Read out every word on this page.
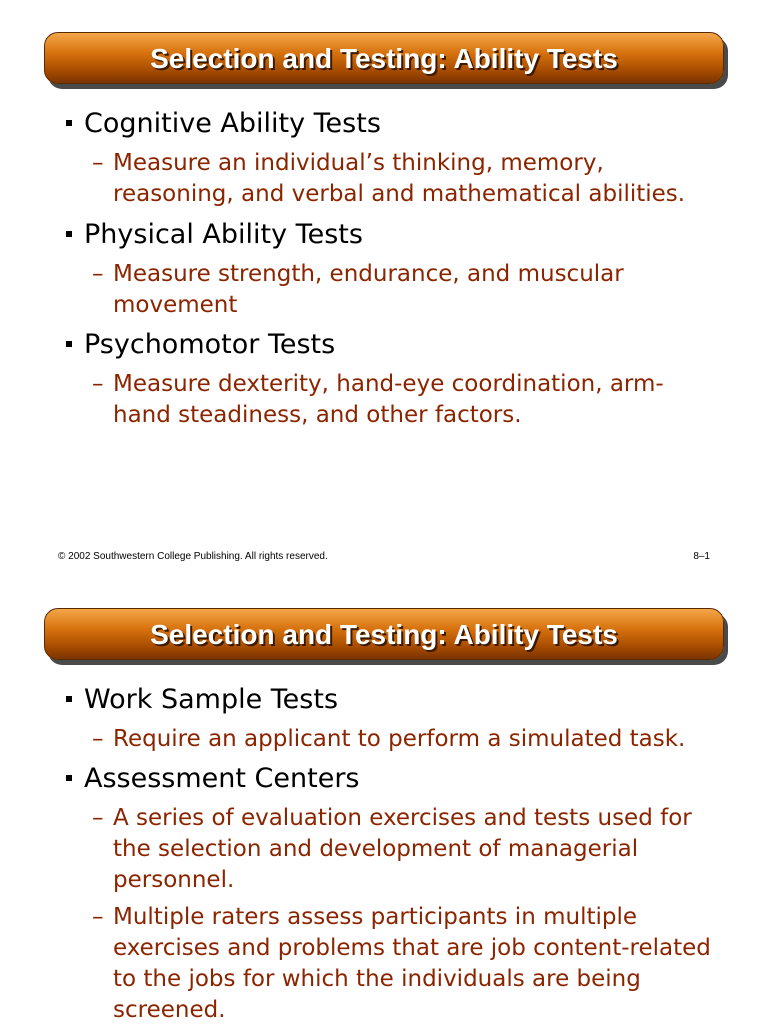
Selection and Testing: Ability Tests
Cognitive Ability Tests
– Measure an individual’s thinking, memory, reasoning, and verbal and mathematical abilities.
Physical Ability Tests
– Measure strength, endurance, and muscular movement
Psychomotor Tests
– Measure dexterity, hand-eye coordination, arm-hand steadiness, and other factors.
© 2002 Southwestern College Publishing. All rights reserved.	8–1
Selection and Testing: Ability Tests
Work Sample Tests
– Require an applicant to perform a simulated task.
Assessment Centers
– A series of evaluation exercises and tests used for the selection and development of managerial personnel.
– Multiple raters assess participants in multiple exercises and problems that are job content-related to the jobs for which the individuals are being screened.
